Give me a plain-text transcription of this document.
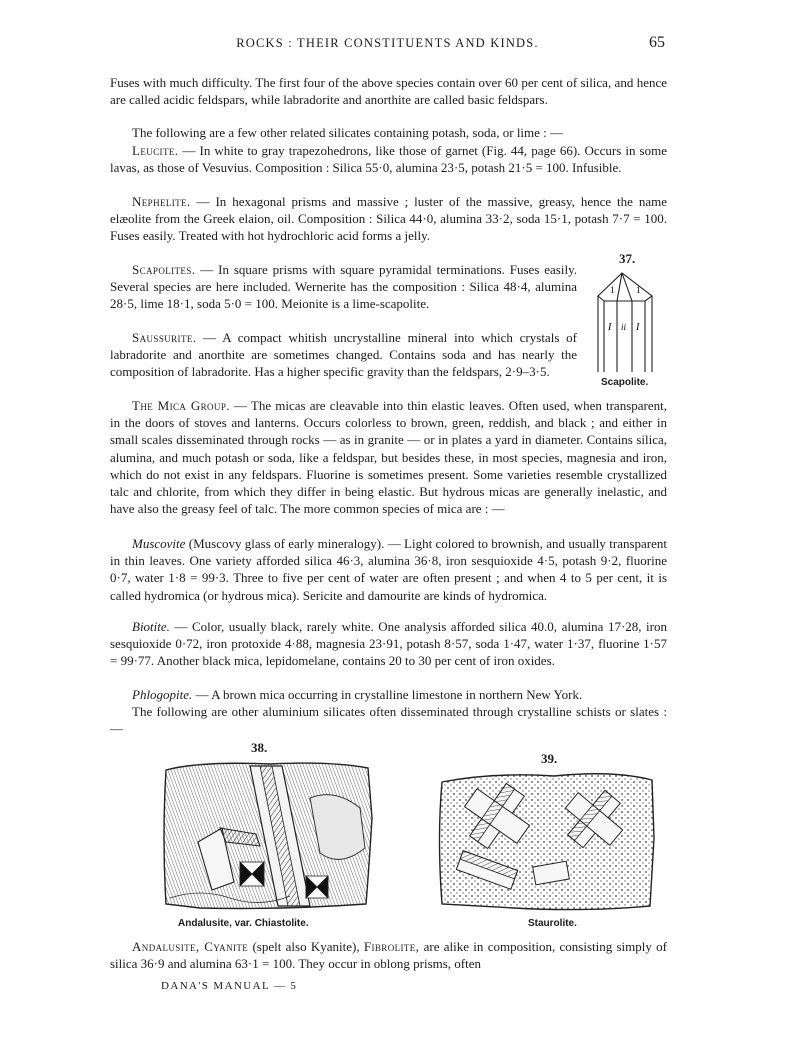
ROCKS : THEIR CONSTITUENTS AND KINDS.	65

Fuses with much difficulty. The first four of the above species contain over 60 per cent of silica, and hence are called acidic feldspars, while labradorite and anorthite are called basic feldspars.

The following are a few other related silicates containing potash, soda, or lime : —

Leucite. — In white to gray trapezohedrons, like those of garnet (Fig. 44, page 66). Occurs in some lavas, as those of Vesuvius. Composition : Silica 55·0, alumina 23·5, potash 21·5 = 100. Infusible.

Nephelite. — In hexagonal prisms and massive ; luster of the massive, greasy, hence the name elæolite from the Greek elaion, oil. Composition : Silica 44·0, alumina 33·2, soda 15·1, potash 7·7 = 100. Fuses easily. Treated with hot hydrochloric acid forms a jelly.

Scapolites. — In square prisms with square pyramidal terminations. Fuses easily. Several species are here included. Wernerite has the composition : Silica 48·4, alumina 28·5, lime 18·1, soda 5·0 = 100. Meionite is a lime-scapolite.

Saussurite. — A compact whitish uncrystalline mineral into which crystals of labradorite and anorthite are sometimes changed. Contains soda and has nearly the composition of labradorite. Has a higher specific gravity than the feldspars, 2·9–3·5.

37.
1 1
I ii I
Scapolite.

The Mica Group. — The micas are cleavable into thin elastic leaves. Often used, when transparent, in the doors of stoves and lanterns. Occurs colorless to brown, green, reddish, and black ; and either in small scales disseminated through rocks — as in granite — or in plates a yard in diameter. Contains silica, alumina, and much potash or soda, like a feldspar, but besides these, in most species, magnesia and iron, which do not exist in any feldspars. Fluorine is sometimes present. Some varieties resemble crystallized talc and chlorite, from which they differ in being elastic. But hydrous micas are generally inelastic, and have also the greasy feel of talc. The more common species of mica are : —

Muscovite (Muscovy glass of early mineralogy). — Light colored to brownish, and usually transparent in thin leaves. One variety afforded silica 46·3, alumina 36·8, iron sesquioxide 4·5, potash 9·2, fluorine 0·7, water 1·8 = 99·3. Three to five per cent of water are often present ; and when 4 to 5 per cent, it is called hydromica (or hydrous mica). Sericite and damourite are kinds of hydromica.

Biotite. — Color, usually black, rarely white. One analysis afforded silica 40.0, alumina 17·28, iron sesquioxide 0·72, iron protoxide 4·88, magnesia 23·91, potash 8·57, soda 1·47, water 1·37, fluorine 1·57 = 99·77. Another black mica, lepidomelane, contains 20 to 30 per cent of iron oxides.

Phlogopite. — A brown mica occurring in crystalline limestone in northern New York.

The following are other aluminium silicates often disseminated through crystalline schists or slates : —

38.
Andalusite, var. Chiastolite.
39.
Staurolite.

Andalusite, Cyanite (spelt also Kyanite), Fibrolite, are alike in composition, consisting simply of silica 36·9 and alumina 63·1 = 100. They occur in oblong prisms, often

DANA'S MANUAL — 5
